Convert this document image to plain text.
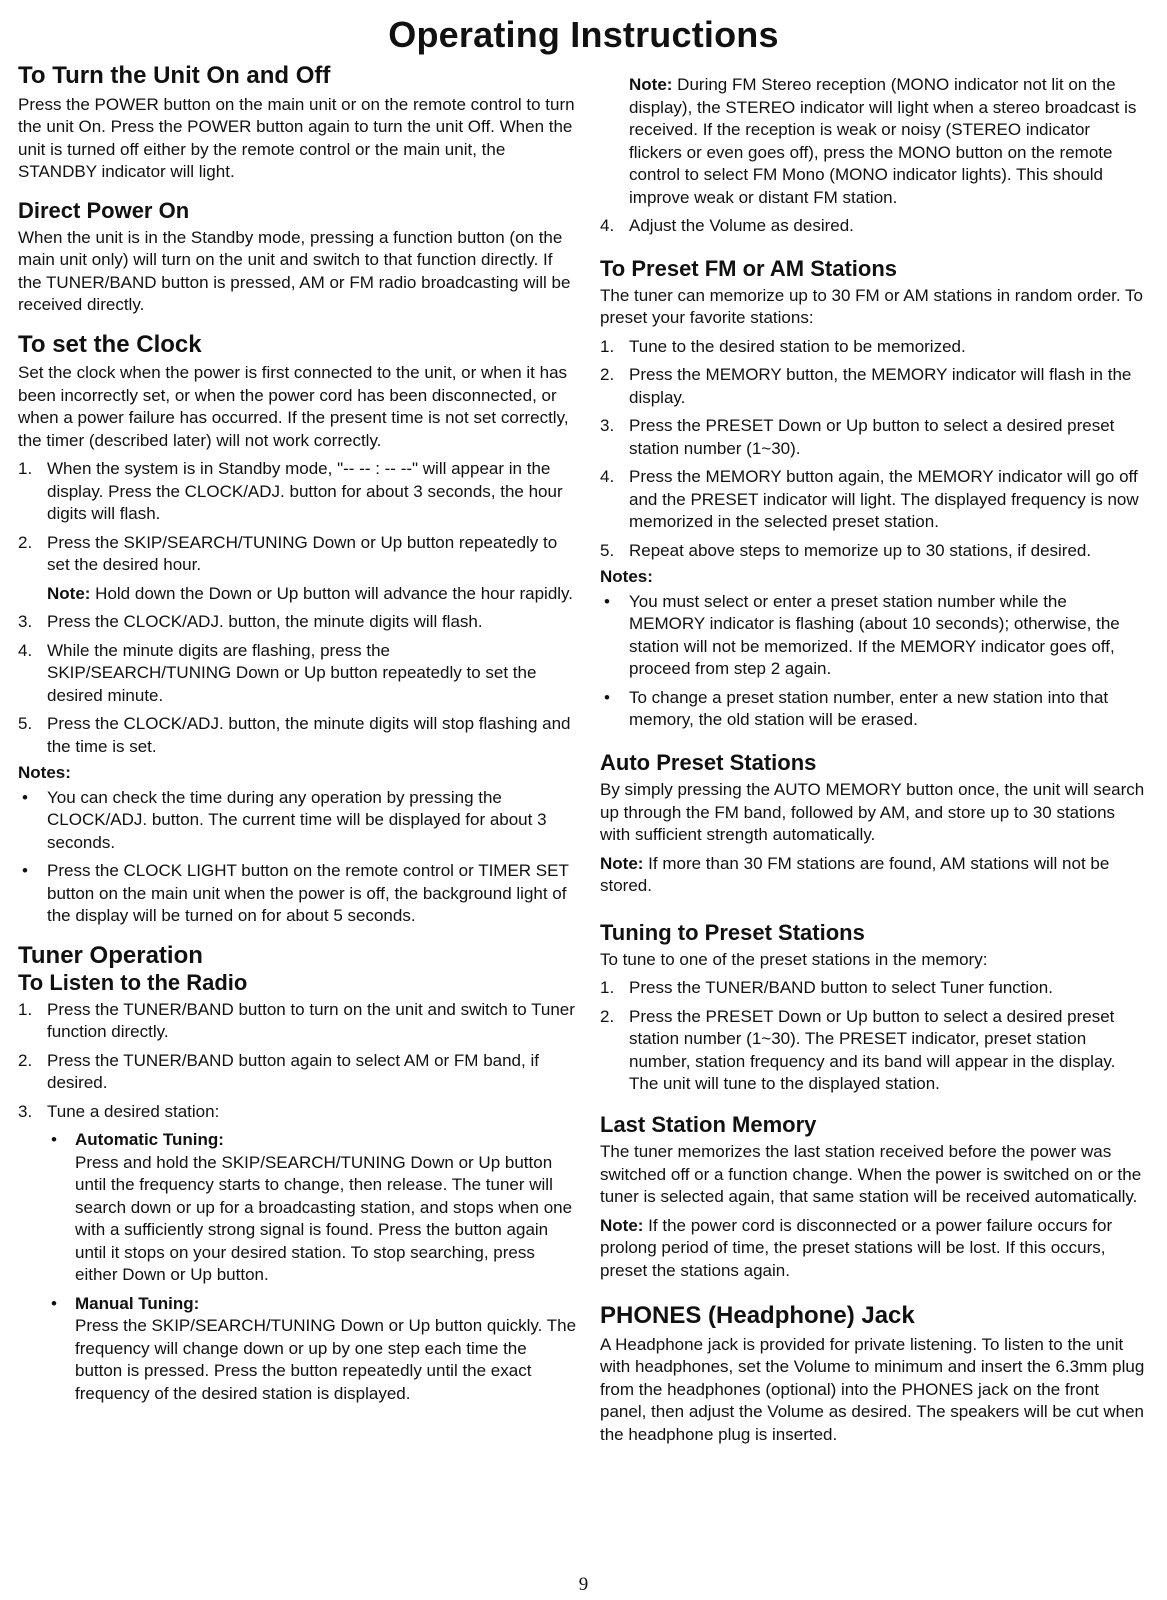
Operating Instructions
To Turn the Unit On and Off

Press the POWER button on the main unit or on the remote control to turn the unit On. Press the POWER button again to turn the unit Off. When the unit is turned off either by the remote control or the main unit, the STANDBY indicator will light.

Direct Power On

When the unit is in the Standby mode, pressing a function button (on the main unit only) will turn on the unit and switch to that function directly. If the TUNER/BAND button is pressed, AM or FM radio broadcasting will be received directly.

To set the Clock

Set the clock when the power is first connected to the unit, or when it has been incorrectly set, or when the power cord has been disconnected, or when a power failure has occurred. If the present time is not set correctly, the timer (described later) will not work correctly.

1. When the system is in Standby mode, "-- -- : -- --" will appear in the display. Press the CLOCK/ADJ. button for about 3 seconds, the hour digits will flash.
2. Press the SKIP/SEARCH/TUNING Down or Up button repeatedly to set the desired hour.
Note: Hold down the Down or Up button will advance the hour rapidly.
3. Press the CLOCK/ADJ. button, the minute digits will flash.
4. While the minute digits are flashing, press the SKIP/SEARCH/TUNING Down or Up button repeatedly to set the desired minute.
5. Press the CLOCK/ADJ. button, the minute digits will stop flashing and the time is set.
Notes:
• You can check the time during any operation by pressing the CLOCK/ADJ. button. The current time will be displayed for about 3 seconds.
• Press the CLOCK LIGHT button on the remote control or TIMER SET button on the main unit when the power is off, the background light of the display will be turned on for about 5 seconds.
Tuner Operation
To Listen to the Radio
1. Press the TUNER/BAND button to turn on the unit and switch to Tuner function directly.
2. Press the TUNER/BAND button again to select AM or FM band, if desired.
3. Tune a desired station:
• Automatic Tuning:
Press and hold the SKIP/SEARCH/TUNING Down or Up button until the frequency starts to change, then release. The tuner will search down or up for a broadcasting station, and stops when one with a sufficiently strong signal is found. Press the button again until it stops on your desired station. To stop searching, press either Down or Up button.
• Manual Tuning:
Press the SKIP/SEARCH/TUNING Down or Up button quickly. The frequency will change down or up by one step each time the button is pressed. Press the button repeatedly until the exact frequency of the desired station is displayed.

Note: During FM Stereo reception (MONO indicator not lit on the display), the STEREO indicator will light when a stereo broadcast is received. If the reception is weak or noisy (STEREO indicator flickers or even goes off), press the MONO button on the remote control to select FM Mono (MONO indicator lights). This should improve weak or distant FM station.

4. Adjust the Volume as desired.
To Preset FM or AM Stations

The tuner can memorize up to 30 FM or AM stations in random order. To preset your favorite stations:

1. Tune to the desired station to be memorized.
2. Press the MEMORY button, the MEMORY indicator will flash in the display.
3. Press the PRESET Down or Up button to select a desired preset station number (1~30).
4. Press the MEMORY button again, the MEMORY indicator will go off and the PRESET indicator will light. The displayed frequency is now memorized in the selected preset station.
5. Repeat above steps to memorize up to 30 stations, if desired.
Notes:
• You must select or enter a preset station number while the MEMORY indicator is flashing (about 10 seconds); otherwise, the station will not be memorized. If the MEMORY indicator goes off, proceed from step 2 again.
• To change a preset station number, enter a new station into that memory, the old station will be erased.
Auto Preset Stations

By simply pressing the AUTO MEMORY button once, the unit will search up through the FM band, followed by AM, and store up to 30 stations with sufficient strength automatically.

Note: If more than 30 FM stations are found, AM stations will not be stored.
Tuning to Preset Stations

To tune to one of the preset stations in the memory:

1. Press the TUNER/BAND button to select Tuner function.
2. Press the PRESET Down or Up button to select a desired preset station number (1~30). The PRESET indicator, preset station number, station frequency and its band will appear in the display. The unit will tune to the displayed station.
Last Station Memory

The tuner memorizes the last station received before the power was switched off or a function change. When the power is switched on or the tuner is selected again, that same station will be received automatically.

Note: If the power cord is disconnected or a power failure occurs for prolong period of time, the preset stations will be lost. If this occurs, preset the stations again.
PHONES (Headphone) Jack

A Headphone jack is provided for private listening. To listen to the unit with headphones, set the Volume to minimum and insert the 6.3mm plug from the headphones (optional) into the PHONES jack on the front panel, then adjust the Volume as desired. The speakers will be cut when the headphone plug is inserted.

9
